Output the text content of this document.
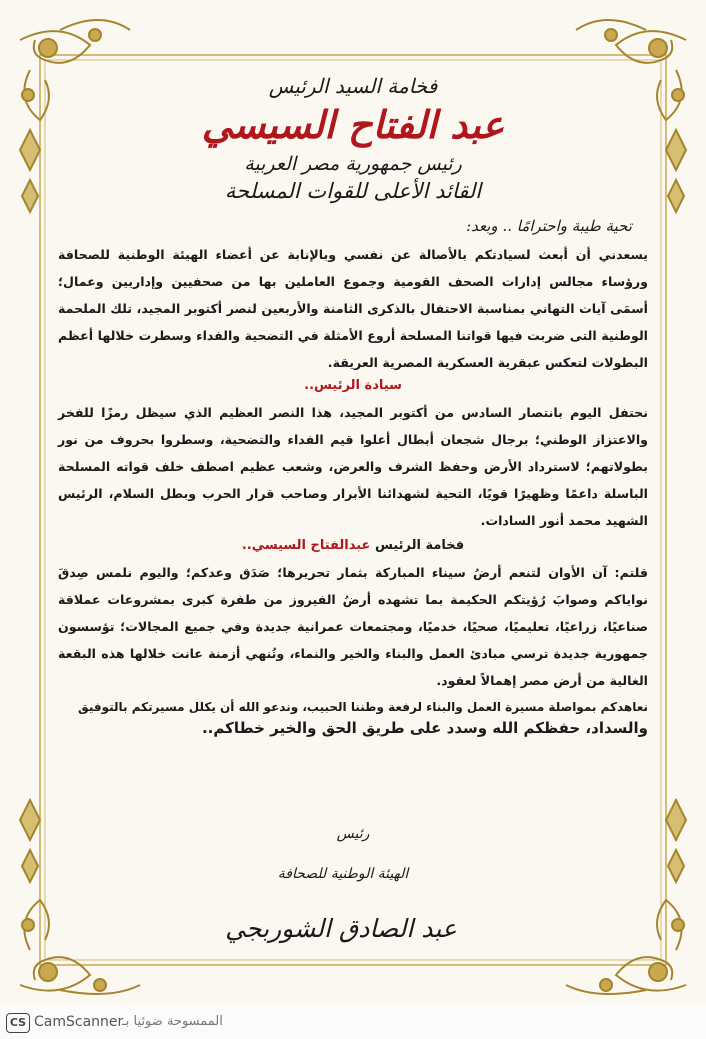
فخامة السيد الرئيس
عبد الفتاح السيسي
رئيس جمهورية مصر العربية
القائد الأعلى للقوات المسلحة
تحية طيبة واحترامًا .. وبعد:
يسعدني أن أبعث لسيادتكم بالأصالة عن نفسي وبالإنابة عن أعضاء الهيئة الوطنية للصحافة ورؤساء مجالس إدارات الصحف القومية وجموع العاملين بها من صحفيين وإداريين وعمال؛ أسمَى آيات التهاني بمناسبة الاحتفال بالذكرى الثامنة والأربعين لنصر أكتوبر المجيد، تلك الملحمة الوطنية التى ضربت فيها قواتنا المسلحة أروع الأمثلة في التضحية والفداء وسطرت خلالها أعظم البطولات لتعكس عبقرية العسكرية المصرية العريقة.
سيادة الرئيس..
نحتفل اليوم بانتصار السادس من أكتوبر المجيد، هذا النصر العظيم الذي سيظل رمزًا للفخر والاعتزاز الوطني؛ برجال شجعان أبطال أعلوا قيم الفداء والتضحية، وسطروا بحروف من نور بطولاتهم؛ لاسترداد الأرض وحفظ الشرف والعرض، وشعب عظيم اصطف خلف قواته المسلحة الباسلة داعمًا وظهيرًا قويًا، التحية لشهدائنا الأبرار وصاحب قرار الحرب وبطل السلام، الرئيس الشهيد محمد أنور السادات.
فخامة الرئيس عبدالفتاح السيسي..
قلتم: آن الأوان لتنعم أرضُ سيناء المباركة بثمار تحريرها؛ صَدَق وعدكم؛ واليوم نلمس صِدقَ نواياكم وصوابَ رُؤيتكم الحكيمة بما تشهده أرضُ الفيروز من طفرة كبرى بمشروعات عملاقة صناعيًا، زراعيًا، تعليميًا، صحيًا، خدميًا، ومجتمعات عمرانية جديدة وفي جميع المجالات؛ تؤسسون جمهورية جديدة ترسي مبادئ العمل والبناء والخير والنماء، وتُنهي أزمنة عانت خلالها هذه البقعة الغالية من أرض مصر إهمالاً لعقود.
نعاهدكم بمواصلة مسيرة العمل والبناء لرفعة وطننا الحبيب، وندعو الله أن يكلل مسيرتكم بالتوفيق
والسداد، حفظكم الله وسدد على طريق الحق والخير خطاكم..
رئيس
الهيئة الوطنية للصحافة
عبد الصادق الشوربجي
CS CamScanner
الممسوحة ضوئيا بـ
